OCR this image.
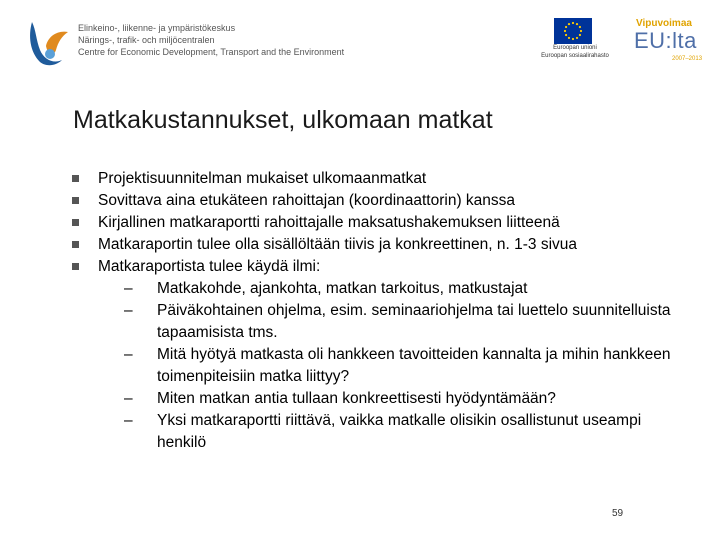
Elinkeino-, liikenne- ja ympäristökeskus
Närings-, trafik- och miljöcentralen
Centre for Economic Development, Transport and the Environment	Euroopan unioni
Euroopan sosiaalirahasto
Vipuvoimaa
EU:lta
2007–2013
Matkakustannukset, ulkomaan matkat
Projektisuunnitelman mukaiset ulkomaanmatkat
Sovittava aina etukäteen rahoittajan (koordinaattorin) kanssa
Kirjallinen matkaraportti rahoittajalle maksatushakemuksen liitteenä
Matkaraportin tulee olla sisällöltään tiivis ja konkreettinen, n. 1-3 sivua
Matkaraportista tulee käydä ilmi:
– Matkakohde, ajankohta, matkan tarkoitus, matkustajat
– Päiväkohtainen ohjelma, esim. seminaariohjelma tai luettelo suunnitelluista tapaamisista tms.
– Mitä hyötyä matkasta oli hankkeen tavoitteiden kannalta ja mihin hankkeen toimenpiteisiin matka liittyy?
– Miten matkan antia tullaan konkreettisesti hyödyntämään?
– Yksi matkaraportti riittävä, vaikka matkalle olisikin osallistunut useampi henkilö
59
